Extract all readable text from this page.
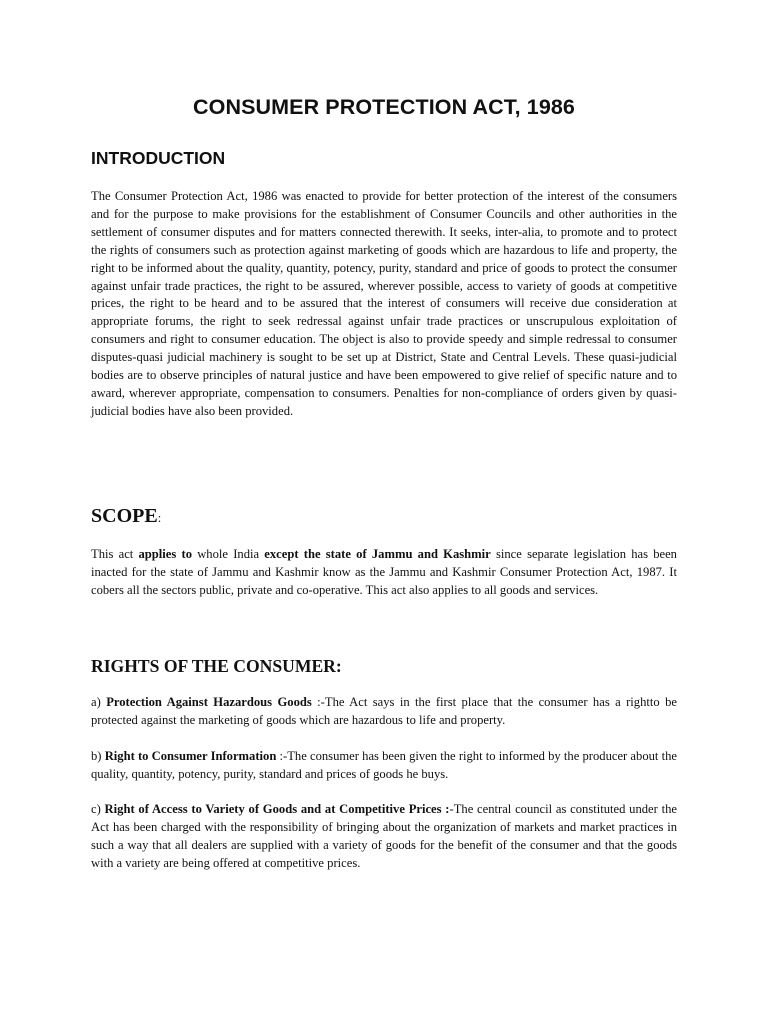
CONSUMER PROTECTION ACT, 1986
INTRODUCTION

The Consumer Protection Act, 1986 was enacted to provide for better protection of the interest of the consumers and for the purpose to make provisions for the establishment of Consumer Councils and other authorities in the settlement of consumer disputes and for matters connected therewith. It seeks, inter-alia, to promote and to protect the rights of consumers such as protection against marketing of goods which are hazardous to life and property, the right to be informed about the quality, quantity, potency, purity, standard and price of goods to protect the consumer against unfair trade practices, the right to be assured, wherever possible, access to variety of goods at competitive prices, the right to be heard and to be assured that the interest of consumers will receive due consideration at appropriate forums, the right to seek redressal against unfair trade practices or unscrupulous exploitation of consumers and right to consumer education. The object is also to provide speedy and simple redressal to consumer disputes-quasi judicial machinery is sought to be set up at District, State and Central Levels. These quasi-judicial bodies are to observe principles of natural justice and have been empowered to give relief of specific nature and to award, wherever appropriate, compensation to consumers. Penalties for non-compliance of orders given by quasi-judicial bodies have also been provided.

SCOPE:

This act applies to whole India except the state of Jammu and Kashmir since separate legislation has been inacted for the state of Jammu and Kashmir know as the Jammu and Kashmir Consumer Protection Act, 1987. It cobers all the sectors public, private and co-operative. This act also applies to all goods and services.

RIGHTS OF THE CONSUMER:

a) Protection Against Hazardous Goods :-The Act says in the first place that the consumer has a rightto be protected against the marketing of goods which are hazardous to life and property.

b) Right to Consumer Information :-The consumer has been given the right to informed by the producer about the quality, quantity, potency, purity, standard and prices of goods he buys.

c) Right of Access to Variety of Goods and at Competitive Prices :-The central council as constituted under the Act has been charged with the responsibility of bringing about the organization of markets and market practices in such a way that all dealers are supplied with a variety of goods for the benefit of the consumer and that the goods with a variety are being offered at competitive prices.
